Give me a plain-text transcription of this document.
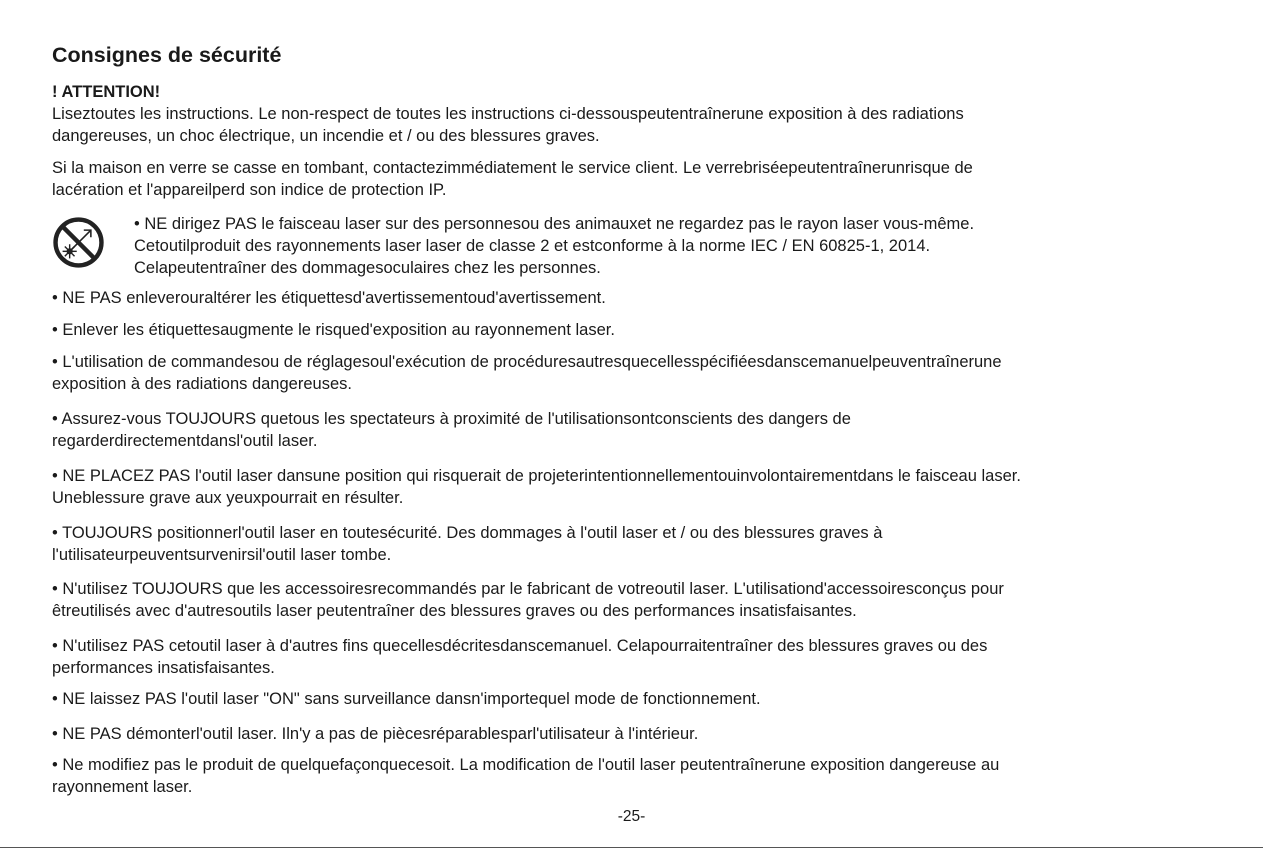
Consignes de sécurité
! ATTENTION!
Liseztoutes les instructions. Le non-respect de toutes les instructions ci-dessouspeutentraînerune exposition à des radiations
dangereuses, un choc électrique, un incendie et / ou des blessures graves.
Si la maison en verre se casse en tombant, contactezimmédiatement le service client. Le verrebriséepeutentraînerunrisque de
lacération et l'appareilperd son indice de protection IP.
• NE dirigez PAS le faisceau laser sur des personnesou des animauxet ne regardez pas le rayon laser vous-même.
Cetoutilproduit des rayonnements laser laser de classe 2 et estconforme à la norme IEC / EN 60825-1, 2014.
Celapeutentraîner des dommagesoculaires chez les personnes.
• NE PAS enleverouraltérer les étiquettesd'avertissementoud'avertissement.
• Enlever les étiquettesaugmente le risqued'exposition au rayonnement laser.
• L'utilisation de commandesou de réglagesoul'exécution de procéduresautresquecellesspécifiéesdanscemanuelpeuventraînerune
exposition à des radiations dangereuses.
• Assurez-vous TOUJOURS quetous les spectateurs à proximité de l'utilisationsontconscients des dangers de
regarderdirectementdansl'outil laser.
• NE PLACEZ PAS l'outil laser dansune position qui risquerait de projeterintentionnellementouinvolontairementdans le faisceau laser.
Uneblessure grave aux yeuxpourrait en résulter.
• TOUJOURS positionnerl'outil laser en toutesécurité. Des dommages à l'outil laser et / ou des blessures graves à
l'utilisateurpeuventsurvenirsil'outil laser tombe.
• N'utilisez TOUJOURS que les accessoiresrecommandés par le fabricant de votreoutil laser. L'utilisationd'accessoiresconçus pour
êtreutilisés avec d'autresoutils laser peutentraîner des blessures graves ou des performances insatisfaisantes.
• N'utilisez PAS cetoutil laser à d'autres fins quecellesdécritesdanscemanuel. Celapourraitentraîner des blessures graves ou des
performances insatisfaisantes.
• NE laissez PAS l'outil laser "ON" sans surveillance dansn'importequel mode de fonctionnement.
• NE PAS démonterl'outil laser. Iln'y a pas de piècesréparablesparl'utilisateur à l'intérieur.
• Ne modifiez pas le produit de quelquefaçonquecesoit. La modification de l'outil laser peutentraînerune exposition dangereuse au
rayonnement laser.
-25-
